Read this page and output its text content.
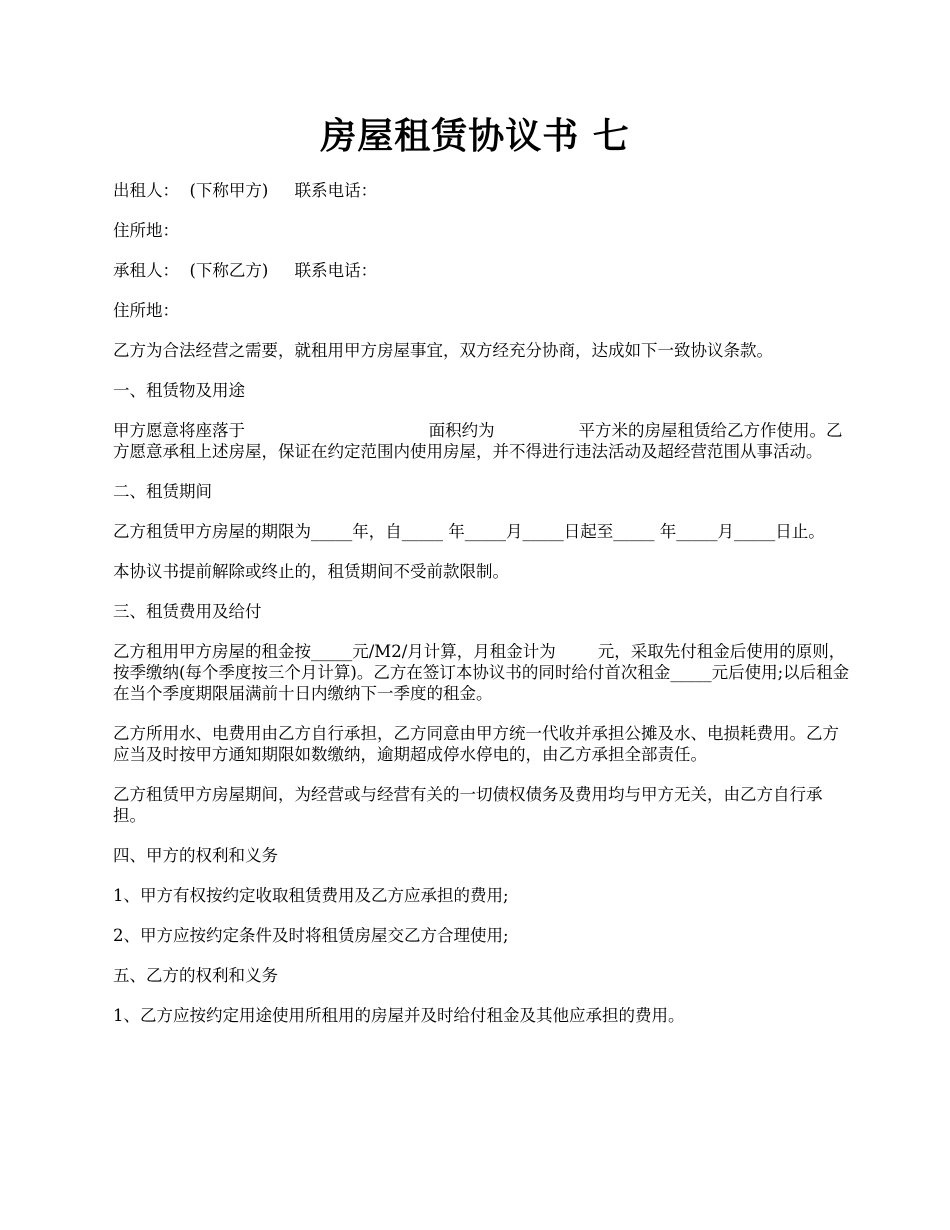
房屋租赁协议书 七

出租人：  (下称甲方)     联系电话：

住所地：

承租人：  (下称乙方)     联系电话：

住所地：

乙方为合法经营之需要，就租用甲方房屋事宜，双方经充分协商，达成如下一致协议条款。

一、租赁物及用途

甲方愿意将座落于                                   面积约为                平方米的房屋租赁给乙方作使用。乙方愿意承租上述房屋，保证在约定范围内使用房屋，并不得进行违法活动及超经营范围从事活动。

二、租赁期间

乙方租赁甲方房屋的期限为_____年，自_____ 年_____月_____日起至_____ 年_____月_____日止。

本协议书提前解除或终止的，租赁期间不受前款限制。

三、租赁费用及给付

乙方租用甲方房屋的租金按_____元/M2/月计算，月租金计为        元，采取先付租金后使用的原则，按季缴纳(每个季度按三个月计算)。乙方在签订本协议书的同时给付首次租金_____元后使用;以后租金在当个季度期限届满前十日内缴纳下一季度的租金。

乙方所用水、电费用由乙方自行承担，乙方同意由甲方统一代收并承担公摊及水、电损耗费用。乙方应当及时按甲方通知期限如数缴纳，逾期超成停水停电的，由乙方承担全部责任。

乙方租赁甲方房屋期间，为经营或与经营有关的一切债权债务及费用均与甲方无关，由乙方自行承担。

四、甲方的权利和义务

1、甲方有权按约定收取租赁费用及乙方应承担的费用;

2、甲方应按约定条件及时将租赁房屋交乙方合理使用;

五、乙方的权利和义务

1、乙方应按约定用途使用所租用的房屋并及时给付租金及其他应承担的费用。
